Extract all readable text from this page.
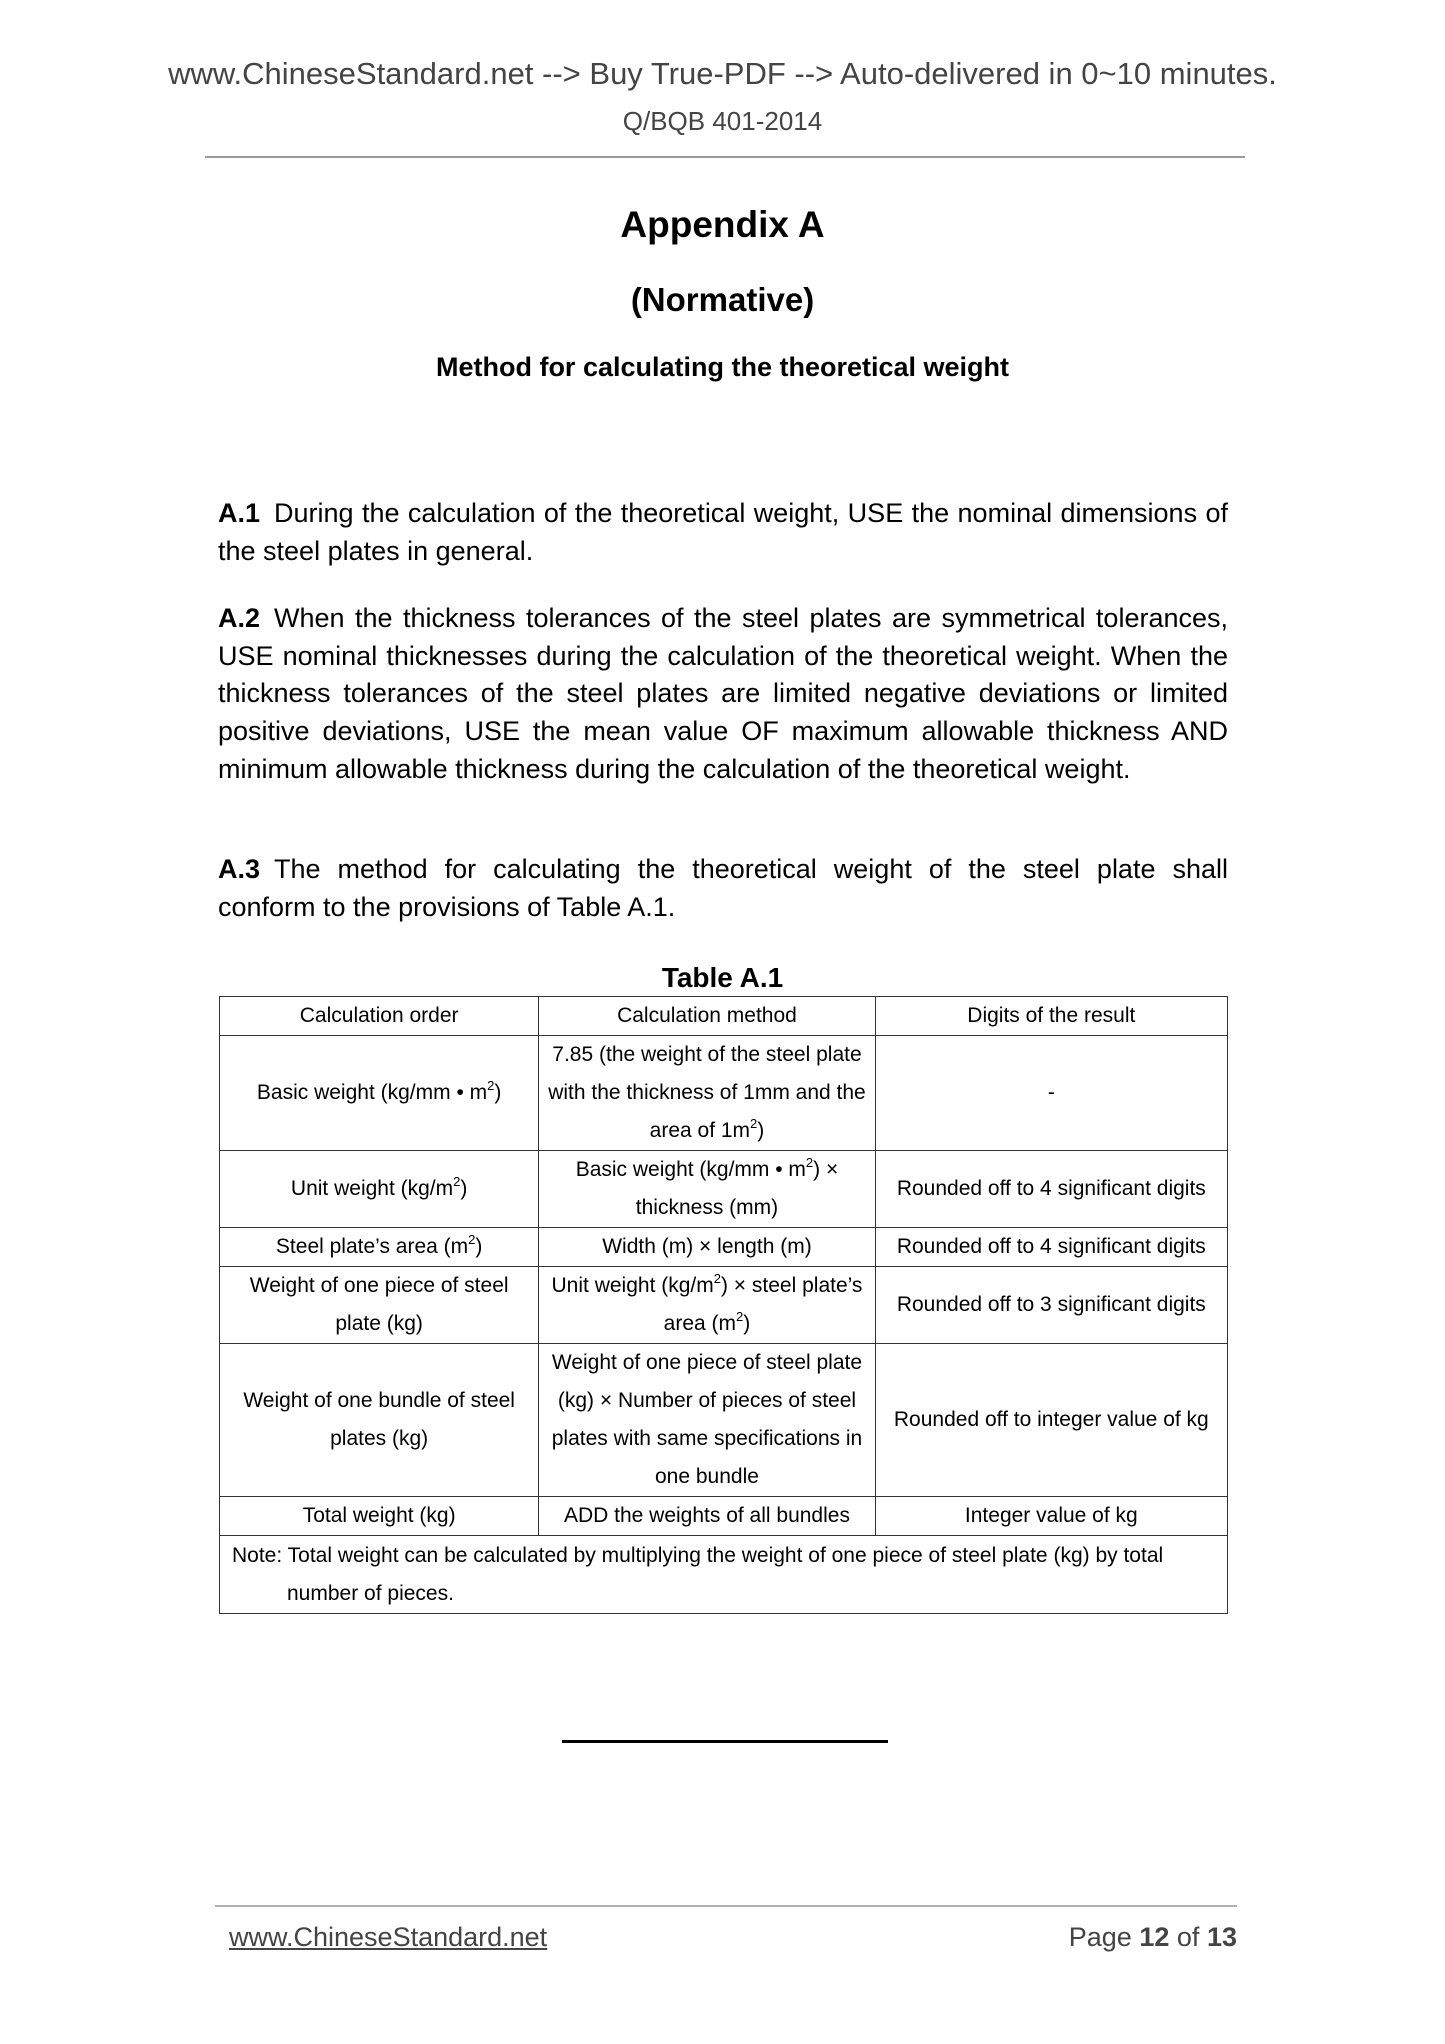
www.ChineseStandard.net --> Buy True-PDF --> Auto-delivered in 0~10 minutes.
Q/BQB 401-2014
Appendix A
(Normative)
Method for calculating the theoretical weight
A.1 During the calculation of the theoretical weight, USE the nominal dimensions of the steel plates in general.
A.2 When the thickness tolerances of the steel plates are symmetrical tolerances, USE nominal thicknesses during the calculation of the theoretical weight. When the thickness tolerances of the steel plates are limited negative deviations or limited positive deviations, USE the mean value OF maximum allowable thickness AND minimum allowable thickness during the calculation of the theoretical weight.
A.3 The method for calculating the theoretical weight of the steel plate shall conform to the provisions of Table A.1.
Table A.1
Calculation order	Calculation method	Digits of the result
Basic weight (kg/mm • $m^2$)	7.85 (the weight of the steel plate with the thickness of 1mm and the area of $1m^2$)	-
Unit weight $(kg/m^2)$	Basic weight (kg/mm • $m^2$) × thickness (mm)	Rounded off to 4 significant digits
Steel plate’s area $(m^2)$	Width (m) × length (m)	Rounded off to 4 significant digits
Weight of one piece of steel plate (kg)	Unit weight $(kg/m^2)$ × steel plate’s area $(m^2)$	Rounded off to 3 significant digits
Weight of one bundle of steel plates (kg)	Weight of one piece of steel plate (kg) × Number of pieces of steel plates with same specifications in one bundle	Rounded off to integer value of kg
Total weight (kg)	ADD the weights of all bundles	Integer value of kg

Note: Total weight can be calculated by multiplying the weight of one piece of steel plate (kg) by total
number of pieces.		
www.ChineseStandard.net	Page 12 of 13
